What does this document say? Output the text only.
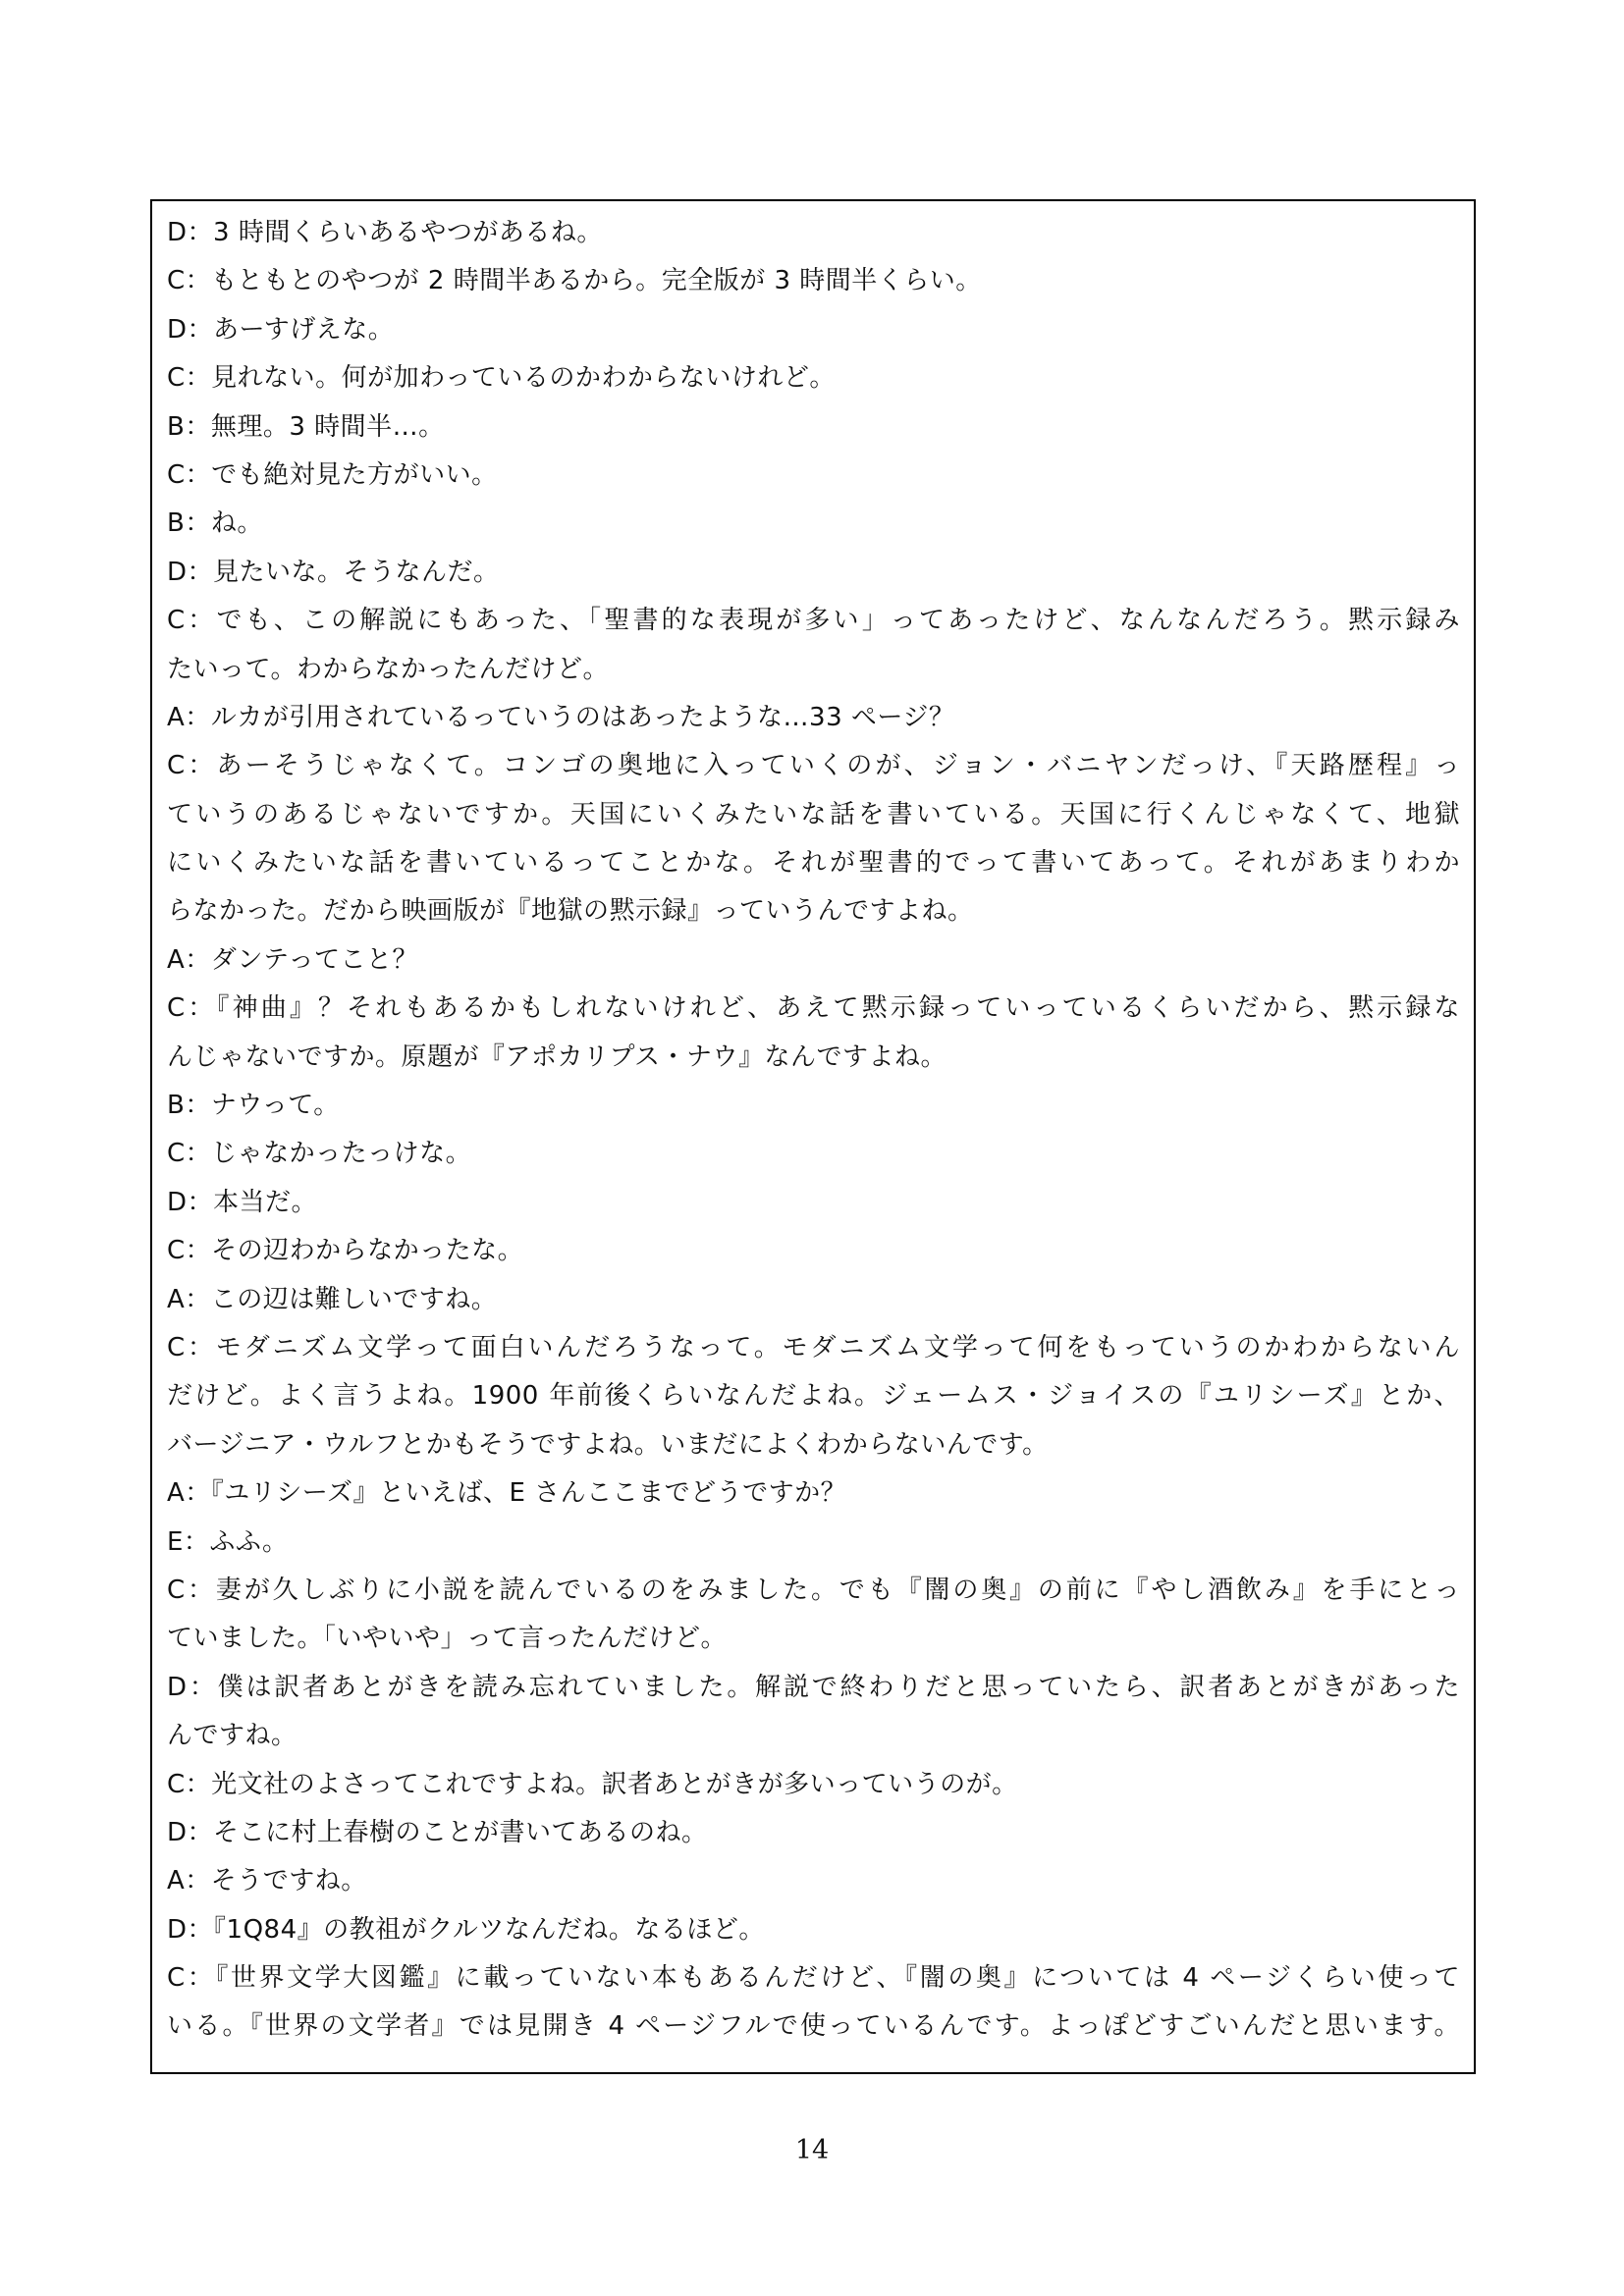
D：3 時間くらいあるやつがあるね。
C：もともとのやつが 2 時間半あるから。完全版が 3 時間半くらい。
D：あーすげえな。
C：見れない。何が加わっているのかわからないけれど。
B：無理。3 時間半…。
C：でも絶対見た方がいい。
B：ね。
D：見たいな。そうなんだ。
C：でも、この解説にもあった、「聖書的な表現が多い」ってあったけど、なんなんだろう。黙示録み
たいって。わからなかったんだけど。
A：ルカが引用されているっていうのはあったような…33 ページ？
C：あーそうじゃなくて。コンゴの奥地に入っていくのが、ジョン・バニヤンだっけ、『天路歴程』っ
ていうのあるじゃないですか。天国にいくみたいな話を書いている。天国に行くんじゃなくて、地獄
にいくみたいな話を書いているってことかな。それが聖書的でって書いてあって。それがあまりわか
らなかった。だから映画版が『地獄の黙示録』っていうんですよね。
A：ダンテってこと？
C：『神曲』？それもあるかもしれないけれど、あえて黙示録っていっているくらいだから、黙示録な
んじゃないですか。原題が『アポカリプス・ナウ』なんですよね。
B：ナウって。
C：じゃなかったっけな。
D：本当だ。
C：その辺わからなかったな。
A：この辺は難しいですね。
C：モダニズム文学って面白いんだろうなって。モダニズム文学って何をもっていうのかわからないん
だけど。よく言うよね。1900 年前後くらいなんだよね。ジェームス・ジョイスの『ユリシーズ』とか、
バージニア・ウルフとかもそうですよね。いまだによくわからないんです。
A：『ユリシーズ』といえば、E さんここまでどうですか？
E：ふふ。
C：妻が久しぶりに小説を読んでいるのをみました。でも『闇の奥』の前に『やし酒飲み』を手にとっ
ていました。「いやいや」って言ったんだけど。
D：僕は訳者あとがきを読み忘れていました。解説で終わりだと思っていたら、訳者あとがきがあった
んですね。
C：光文社のよさってこれですよね。訳者あとがきが多いっていうのが。
D：そこに村上春樹のことが書いてあるのね。
A：そうですね。
D：『1Q84』の教祖がクルツなんだね。なるほど。
C：『世界文学大図鑑』に載っていない本もあるんだけど、『闇の奥』については 4 ページくらい使って
いる。『世界の文学者』では見開き 4 ページフルで使っているんです。よっぽどすごいんだと思います。
14
